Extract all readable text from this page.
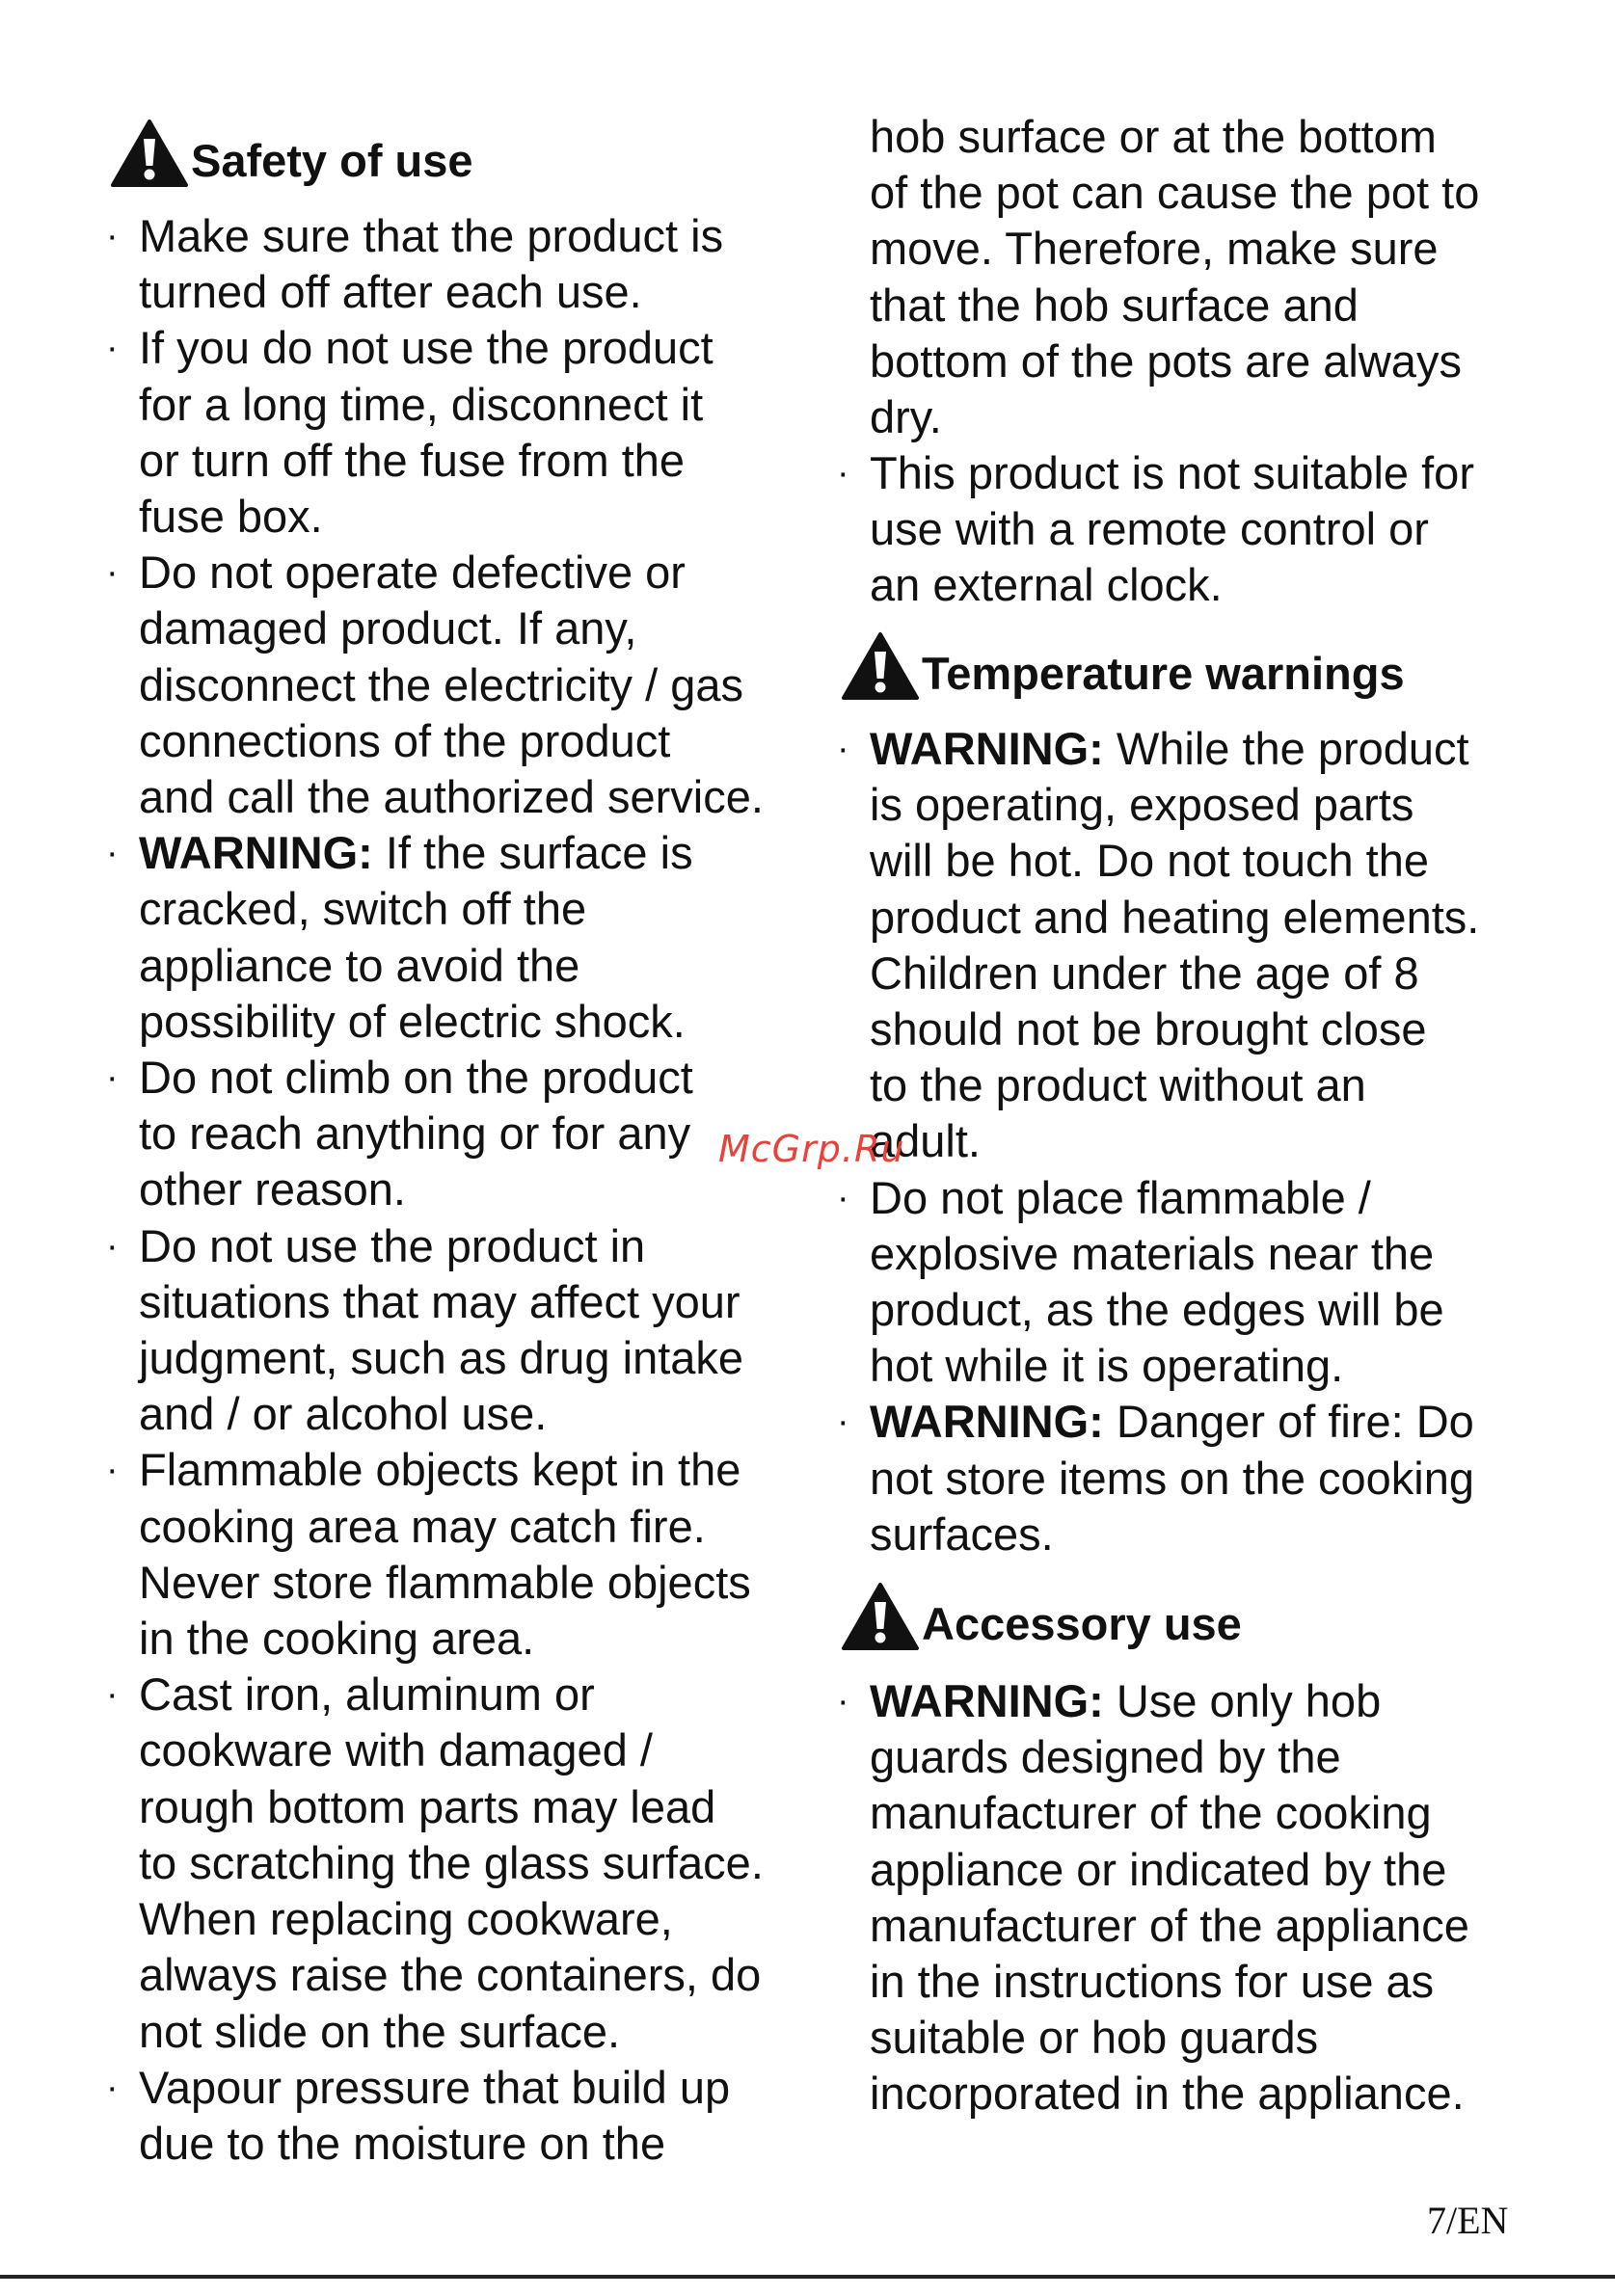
Safety of use
· Make sure that the product is
turned off after each use.
· If you do not use the product
for a long time, disconnect it
or turn off the fuse from the
fuse box.
· Do not operate defective or
damaged product. If any,
disconnect the electricity / gas
connections of the product
and call the authorized service.
· WARNING: If the surface is
cracked, switch off the
appliance to avoid the
possibility of electric shock.
· Do not climb on the product
to reach anything or for any
other reason.
· Do not use the product in
situations that may affect your
judgment, such as drug intake
and / or alcohol use.
· Flammable objects kept in the
cooking area may catch fire.
Never store flammable objects
in the cooking area.
· Cast iron, aluminum or
cookware with damaged /
rough bottom parts may lead
to scratching the glass surface.
When replacing cookware,
always raise the containers, do
not slide on the surface.
· Vapour pressure that build up
due to the moisture on the
hob surface or at the bottom
of the pot can cause the pot to
move. Therefore, make sure
that the hob surface and
bottom of the pots are always
dry.
· This product is not suitable for
use with a remote control or
an external clock.
Temperature warnings
· WARNING: While the product
is operating, exposed parts
will be hot. Do not touch the
product and heating elements.
Children under the age of 8
should not be brought close
to the product without an
adult.
· Do not place flammable /
explosive materials near the
product, as the edges will be
hot while it is operating.
· WARNING: Danger of fire: Do
not store items on the cooking
surfaces.
Accessory use
· WARNING: Use only hob
guards designed by the
manufacturer of the cooking
appliance or indicated by the
manufacturer of the appliance
in the instructions for use as
suitable or hob guards
incorporated in the appliance.
McGrp.Ru
7/EN
